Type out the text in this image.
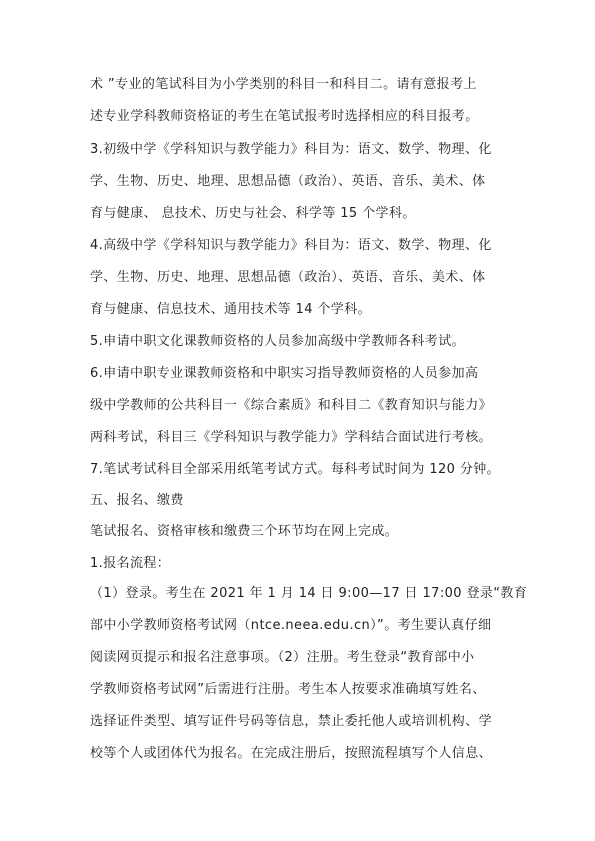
术 ”专业的笔试科目为小学类别的科目一和科目二。请有意报考上
述专业学科教师资格证的考生在笔试报考时选择相应的科目报考。
3.初级中学《学科知识与教学能力》科目为：语文、数学、物理、化
学、生物、历史、地理、思想品德（政治）、英语、音乐、美术、体
育与健康、 息技术、历史与社会、科学等 15 个学科。
4.高级中学《学科知识与教学能力》科目为：语文、数学、物理、化
学、生物、历史、地理、思想品德（政治）、英语、音乐、美术、体
育与健康、信息技术、通用技术等 14 个学科。
5.申请中职文化课教师资格的人员参加高级中学教师各科考试。
6.申请中职专业课教师资格和中职实习指导教师资格的人员参加高
级中学教师的公共科目一《综合素质》和科目二《教育知识与能力》
两科考试，科目三《学科知识与教学能力》学科结合面试进行考核。
7.笔试考试科目全部采用纸笔考试方式。每科考试时间为 120 分钟。
五、报名、缴费
笔试报名、资格审核和缴费三个环节均在网上完成。
1.报名流程：
（1）登录。考生在 2021 年 1 月 14 日 9:00—17 日 17:00 登录“教育
部中小学教师资格考试网（ntce.neea.edu.cn）”。考生要认真仔细
阅读网页提示和报名注意事项。（2）注册。考生登录“教育部中小
学教师资格考试网”后需进行注册。考生本人按要求准确填写姓名、
选择证件类型、填写证件号码等信息，禁止委托他人或培训机构、学
校等个人或团体代为报名。在完成注册后，按照流程填写个人信息、
